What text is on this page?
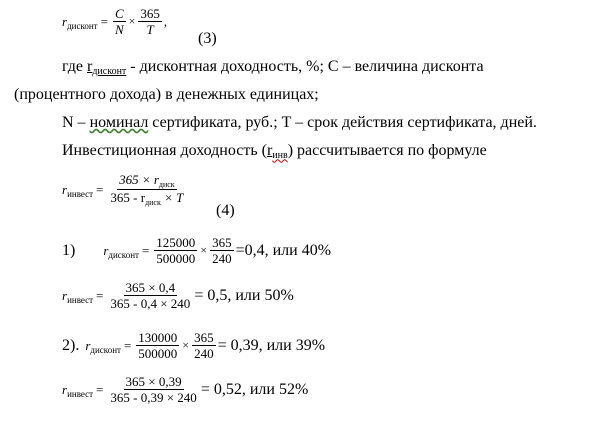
r дисконт = $\frac{C}{N} \times \frac{365}{T}$ ,
(3)
где r дисконт - дисконтная доходность, %; С – величина дисконта
(процентного дохода) в денежных единицах;
N – номинал сертификата, руб.; T – срок действия сертификата, дней.
Инвестиционная доходность ( r инв ) рассчитывается по формуле
r инвест = $\frac{365 \times r_{диск}}{365 - r_{диск} \times T}$
(4)
1) r дисконт = $\frac{125000}{500000} \times \frac{365}{240} =0,4$, или 40%
r инвест = $\frac{365 \times 0,4}{365 - 0,4 \times 240} = 0,5$, или 50%
2). r дисконт = $\frac{130000}{500000} \times \frac{365}{240} = 0,39$, или 39%
r инвест = $\frac{365 \times 0,39}{365 - 0,39 \times 240} = 0,52$, или 52%
